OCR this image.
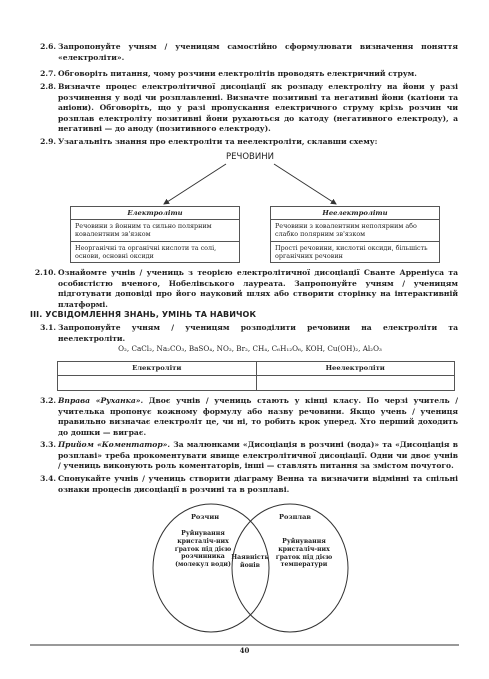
2.6. Запропонуйте учням / ученицям самостійно сформулювати визначення поняття «електроліти».
2.7. Обговоріть питання, чому розчини електролітів проводять електричний струм.
2.8. Визначте процес електролітичної дисоціації як розпаду електроліту на йони у разі розчинення у воді чи розплавленні. Визначте позитивні та негативні йони (катіони та аніони). Обговоріть, що у разі пропускання електричного струму крізь розчин чи розплав електроліту позитивні йони рухаються до катоду (негативного електроду), а негативні — до аноду (позитивного електроду).
2.9. Узагальніть знання про електроліти та неелектроліти, склавши схему:
РЕЧОВИНИ
Електроліти
Речовини з йонним та сильно полярним ковалентним зв'язком
Неорганічні та органічні кислоти та солі, основи, основні оксиди
Неелектроліти
Речовини з ковалентним неполярним або слабко полярним зв'язком
Прості речовини, кислотні оксиди, більшість органічних речовин
2.10. Ознайомте учнів / учениць з теорією електролітичної дисоціації Сванте Арреніуса та особистістю вченого, Нобелівського лауреата. Запропонуйте учням / ученицям підготувати доповіді про його науковий шлях або створити сторінку на інтерактивній платформі.
ІІІ. УСВІДОМЛЕННЯ ЗНАНЬ, УМІНЬ ТА НАВИЧОК
3.1. Запропонуйте учням / ученицям розподілити речовини на електроліти та неелектроліти.
O₂, CaCl₂, Na₂CO₃, BaSO₄, NO₂, Br₂, CH₄, C₆H₁₂O₆, KOH, Cu(OH)₂, Al₂O₃
Електроліти	Неелектроліти

3.2. Вправа «Руханка». Двоє учнів / учениць стають у кінці класу. По черзі учитель / учителька пропонує кожному формулу або назву речовини. Якщо учень / учениця правильно визначає електроліт це, чи ні, то робить крок уперед. Хто перший доходить до дошки — виграє.
3.3. Прийом «Коментатор». За малюнками «Дисоціація в розчині (вода)» та «Дисоціація в розплаві» треба прокоментувати явище електролітичної дисоціації. Одни чи двоє учнів / учениць виконують роль коментаторів, інші — ставлять питання за змістом почутого.
3.4. Спонукайте учнів / учениць створити діаграму Венна та визначити відмінні та спільні ознаки процесів дисоціації в розчині та в розплаві.
Розчин
Руйнування кристаліч-них ґраток під дією розчинника (молекул води)
Наявність йонів
Розплав
Руйнування кристаліч-них ґраток під дією температури
40
